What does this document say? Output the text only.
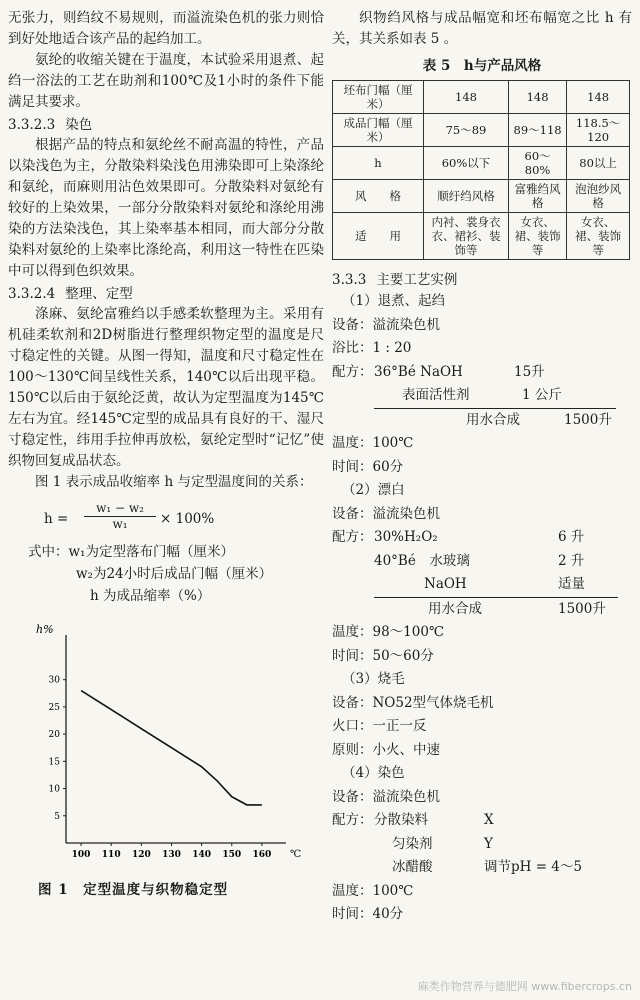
无张力，则绉纹不易规则，而溢流染色机的张力则恰到好处地适合该产品的起绉加工。

氨纶的收缩关键在于温度，本试验采用退煮、起绉一浴法的工艺在助剂和100℃及1小时的条件下能满足其要求。

3.3.2.3 染色

根据产品的特点和氨纶丝不耐高温的特性，产品以染浅色为主，分散染料染浅色用沸染即可上染涤纶和氨纶，而麻则用沾色效果即可。分散染料对氨纶有较好的上染效果，一部分分散染料对氨纶和涤纶用沸染的方法染浅色，其上染率基本相同，而大部分分散染料对氨纶的上染率比涤纶高，利用这一特性在匹染中可以得到色织效果。

3.3.2.4 整理、定型

涤麻、氨纶富雅绉以手感柔软整理为主。采用有机硅柔软剂和2D树脂进行整理织物定型的温度是尺寸稳定性的关键。从图一得知，温度和尺寸稳定性在100～130℃间呈线性关系，140℃以后出现平稳。150℃以后由于氨纶泛黄，故认为定型温度为145℃左右为宜。经145℃定型的成品具有良好的干、湿尺寸稳定性，纬用手拉伸再放松，氨纶定型时“记忆”使织物回复成品状态。

图 1 表示成品收缩率 h 与定型温度间的关系：

$h = \frac{\text{w₁ − w₂}}{\text{w₁}} \times 100\%$
式中：w₁为定型落布门幅（厘米）
w₂为24小时后成品门幅（厘米）
h 为成品缩率（%）
h%
℃
5
10
15
20
25
30
100 110 120 130 140 150 160
图 1　定型温度与织物稳定型

织物绉风格与成品幅宽和坯布幅宽之比 h 有关，其关系如表 5 。

表 5　h与产品风格
坯布门幅（厘米）	148	148	148
成品门幅（厘米）	75～89	89～118	118.5～120
h	60%以下	60～80%	80以上
风　　格	顺纡绉风格	富雅绉风格	泡泡纱风格
适　　用	内衬、裳身衣衣、裙衫、装饰等	女衣、裙、装饰等	女衣、裙、装饰等
3.3.3 主要工艺实例
（1）退煮、起绉
设备：溢流染色机
浴比：1 : 20
配方： 36°Bé NaOH	15升
表面活性剂	1 公斤
用水合成	1500升
温度：100℃
时间：60分
（2）漂白
设备：溢流染色机
配方： 30%H₂O₂	6 升
40°Bé　水玻璃	2 升
NaOH	适量
用水合成	1500升
温度：98～100℃
时间：50～60分
（3）烧毛
设备：NO52型气体烧毛机
火口：一正一反
原则：小火、中速
（4）染色
设备：溢流染色机
配方： 分散染料	X
匀染剂	Y
冰醋酸	调节pH = 4～5
温度：100℃
时间：40分
麻类作物营养与德肥网 www.fibercrops.cn
